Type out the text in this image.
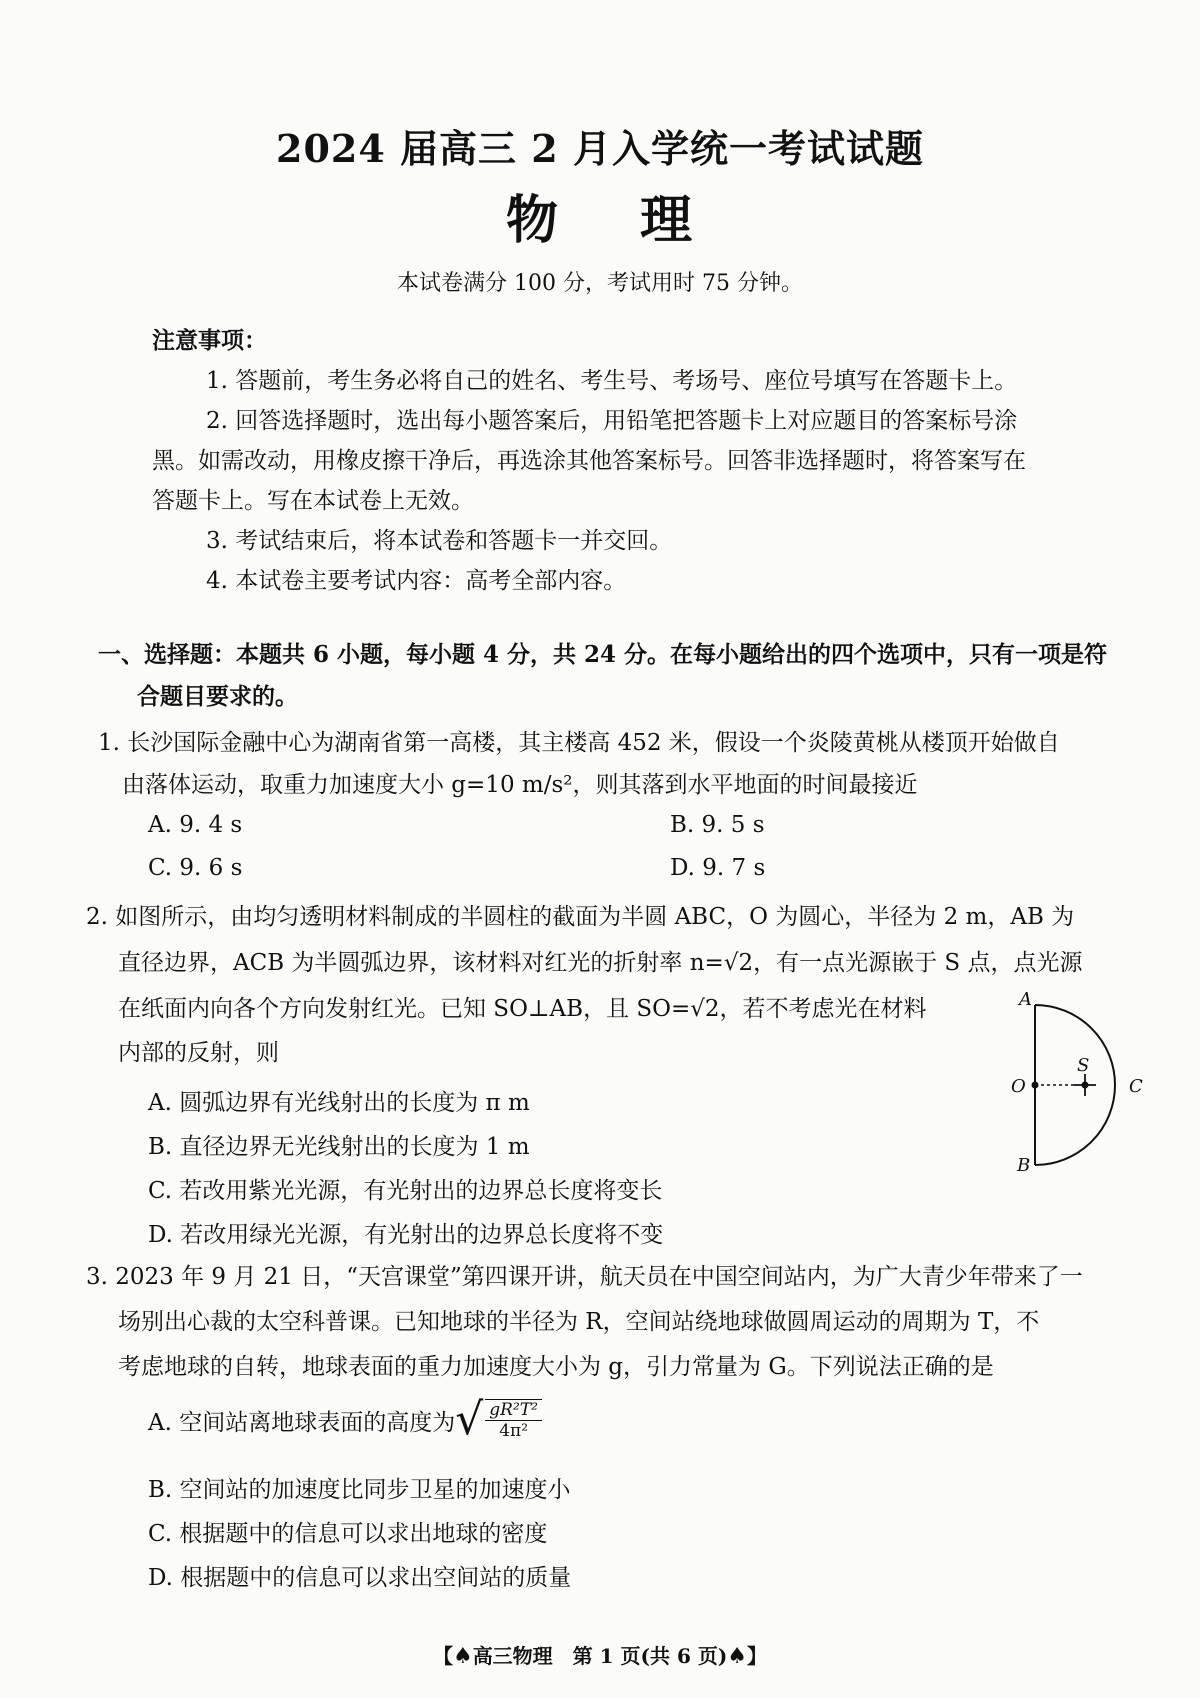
2024 届高三 2 月入学统一考试试题
物 理
本试卷满分 100 分，考试用时 75 分钟。
注意事项：
1. 答题前，考生务必将自己的姓名、考生号、考场号、座位号填写在答题卡上。
2. 回答选择题时，选出每小题答案后，用铅笔把答题卡上对应题目的答案标号涂
黑。如需改动，用橡皮擦干净后，再选涂其他答案标号。回答非选择题时，将答案写在
答题卡上。写在本试卷上无效。
3. 考试结束后，将本试卷和答题卡一并交回。
4. 本试卷主要考试内容：高考全部内容。
一、选择题：本题共 6 小题，每小题 4 分，共 24 分。在每小题给出的四个选项中，只有一项是符
合题目要求的。
1. 长沙国际金融中心为湖南省第一高楼，其主楼高 452 米，假设一个炎陵黄桃从楼顶开始做自
由落体运动，取重力加速度大小 g=10 m/s²，则其落到水平地面的时间最接近
A. 9. 4 s	B. 9. 5 s
C. 9. 6 s	D. 9. 7 s
2. 如图所示，由均匀透明材料制成的半圆柱的截面为半圆 ABC，O 为圆心，半径为 2 m，AB 为
直径边界，ACB 为半圆弧边界，该材料对红光的折射率 n=√2，有一点光源嵌于 S 点，点光源
在纸面内向各个方向发射红光。已知 SO⊥AB，且 SO=√2，若不考虑光在材料
内部的反射，则
A. 圆弧边界有光线射出的长度为 π m
B. 直径边界无光线射出的长度为 1 m
C. 若改用紫光光源，有光射出的边界总长度将变长
D. 若改用绿光光源，有光射出的边界总长度将不变
A
B
C
O
S
3. 2023 年 9 月 21 日，“天宫课堂”第四课开讲，航天员在中国空间站内，为广大青少年带来了一
场别出心裁的太空科普课。已知地球的半径为 R，空间站绕地球做圆周运动的周期为 T，不
考虑地球的自转，地球表面的重力加速度大小为 g，引力常量为 G。下列说法正确的是
A. 空间站离地球表面的高度为 √ $\frac{\text{gR²T²}}{\text{4π²}}$
B. 空间站的加速度比同步卫星的加速度小
C. 根据题中的信息可以求出地球的密度
D. 根据题中的信息可以求出空间站的质量
【♠高三物理　第 1 页(共 6 页)♠】
